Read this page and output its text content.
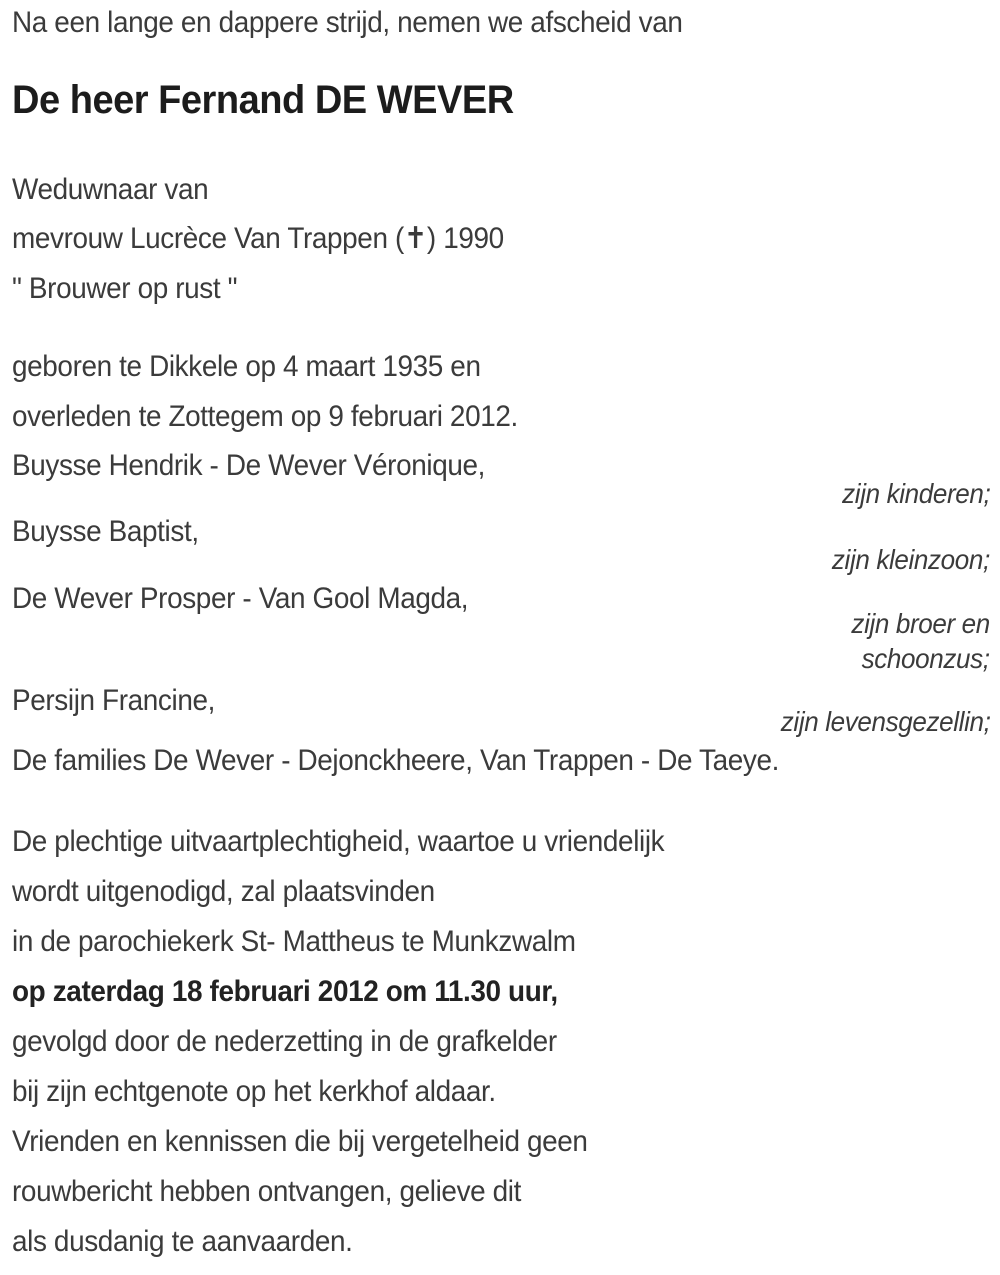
Na een lange en dappere strijd, nemen we afscheid van
De heer Fernand DE WEVER
Weduwnaar van
mevrouw Lucrèce Van Trappen (✝) 1990
" Brouwer op rust "
geboren te Dikkele op 4 maart 1935 en
overleden te Zottegem op 9 februari 2012.
Buysse Hendrik - De Wever Véronique,
zijn kinderen;
Buysse Baptist,
zijn kleinzoon;
De Wever Prosper - Van Gool Magda,
zijn broer en
schoonzus;
Persijn Francine,
zijn levensgezellin;
De families De Wever - Dejonckheere, Van Trappen - De Taeye.
De plechtige uitvaartplechtigheid, waartoe u vriendelijk
wordt uitgenodigd, zal plaatsvinden
in de parochiekerk St- Mattheus te Munkzwalm
op zaterdag 18 februari 2012 om 11.30 uur,
gevolgd door de nederzetting in de grafkelder
bij zijn echtgenote op het kerkhof aldaar.
Vrienden en kennissen die bij vergetelheid geen
rouwbericht hebben ontvangen, gelieve dit
als dusdanig te aanvaarden.
